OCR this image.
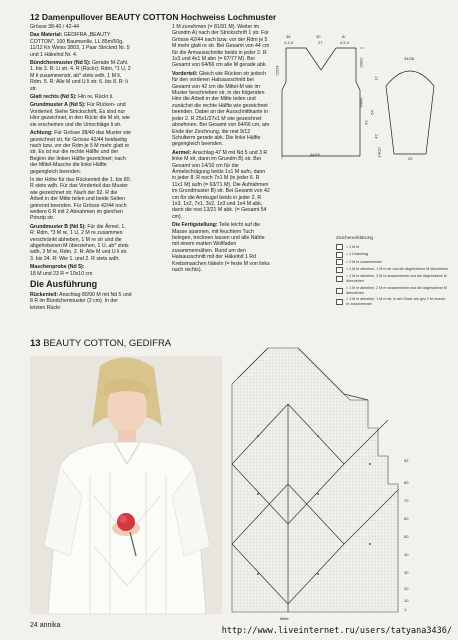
12 Damenpullover BEAUTY COTTON Hochweiss Lochmuster

Grösse 38-40 / 42-44

Das Material: GEDIFRA „BEAUTY COTTON", 100 Baumwolle, LL 85m/50g, 11/12 Kn Weiss 3803, 1 Paar Stricknd Nr. 5 und 1 Häkelnd Nr. 4.

Bündchenmuster (Nd 5): Gerade M-Zahl. 1. bis 3. R: Li str. 4. R (Rückr): Rdm, *1 U, 2 M li zusammenstr, ab* stets wdh, 1 M li, Rdm. 5. R: Alle M und U li str. 6. bis 8. R: li str.

Glatt rechts (Nd 5): Hin re, Rückr li.

Grundmuster A (Nd 5): Für Rücken- und Vorderteil. Siehe Strickschrift. Es sind nur Hinr gezeichnet, in den Rückr die M str, wie sie erscheinen und die Umschläge li str.

Achtung: Für Grösse 38/40 das Muster wie gezeichnet str, für Grösse 42/44 beidseitig nach bzw. vor der Rdm je 5 M mehr glatt re str. Es ist nur die rechte Hälfte und der Beginn der linken Hälfte gezeichnet; nach der Mittel-Masche die linke Hälfte gegengleich beenden.

In der Höhe für das Rückenteil die 1. bis 80. R stets wdh. Für das Vorderteil das Muster wie gezeichnet str. Nach der 92. R die Arbeit in der Mitte teilen und beide Seiten getrennt beenden. Für Grösse 42/44 noch weitere 6 R mit 2 Abnahmen im gleichen Prinzip str.

Grundmuster B (Nd 5): Für die Ärmel. 1. R: Rdm, *3 M re, 1 U, 2 M re zusammen verschränkt abheben, 1 M re str und die abgehobenen M überziehen, 1 U, ab* stets wdh, 3 M re, Rdm. 2. R: Alle M und U li str. 3. bis 24. R: Wie 1. und 2. R stets wdh.

Maschenprobe (Nd 5):
18 M und 23 R = 10x10 cm

Die Ausführung

Rückenteil: Anschlag 80/90 M mit Nd 5 und 8 R im Bündchenmuster (2 cm). In der letzten Rückr

1 M zunehmen (= 81/91 M). Weiter im Grundm A) nach der Strickschrift 1 str. Für Grösse 42/44 nach bzw. vor der Rdm je 5 M mehr glatt re str. Bei Gesamt von 44 cm für die Armausschnitte beids in jeder 2. R 1x3 und 4x1 M abn (= 67/77 M). Bei Gesamt von 64/66 cm alle M gerade abk.

Vorderteil: Gleich wie Rücken str jedoch für den vorderen Halsausschnitt bei Gesamt von 42 cm die Mittel-M wie im Muster beschrieben str, in der folgenden Hinr die Arbeit in der Mitte teilen und zunächst die rechte Hälfte wie gezeichnet beenden. Dabei an der Ausschnittkante in jeder 2. R 25x1/27x1 M wie gezeichnet abnehmen. Bei Gesamt von 64/66 cm, am Ende der Zeichnung, die rest 9/12 Schulterm gerade abk. Die linke Hälfte gegengleich beenden.

Aermel: Anschlag 47 M mit Nd 5 und 3 R linke M str, dann im Grundm B) str. Bei Gesamt von 14/10 cm für die Ärmelschrägung beids 1x1 M aufn, dann in jeder 8. R noch 7x1 M (in jeder 6. R 11x1 M) aufn (= 63/71 M). Die Aufnahmen im Grundmuster B) str. Bei Gesamt von 42 cm für die Armkugel beids in jeder 2. R 1x3, 1x2, 7x1, 3x2, 1x3 und 1x4 M abk, dann die rest 13/21 M abk. (= Gesamt 54 cm).

Die Fertigstellung: Teile leicht auf die Masse spannen, mit feuchtem Tuch belegen, trocknen lassen und alle Nähte mit einem matten Wollfaden zusammennähen. Rund um den Halsausschnitt mit der Häkelnd 1 Rd Krebsmaschen häkeln (= feste M von links nach rechts).

38	30	8/
4 4,5	27	4,5 4
22/24
20/22
64/66
42
44/50
34/38
12
54
42
14/10
25
Zeichenerklärung
= 1 M re
= 1 Umschlag
= 2 M re zusammenstr
= 1 M re abheben, 1 M re str und die abgehobene M überziehen
= 1 M re abheben, 2 M re zusammenstr und die abgehobene M überziehen
= 1 M re abheben, 2 M re zusammenstr und die abgehobene M überziehen
= 1 M re abheben, 1 M re str, in der Rückr wie gez 2 M verschr re zusammenstr
13 BEAUTY COTTON, GEDIFRA
92
80
70
60
50
40
30
20
10
1
Mitte
24 annika
http://www.liveinternet.ru/users/tatyana3436/
